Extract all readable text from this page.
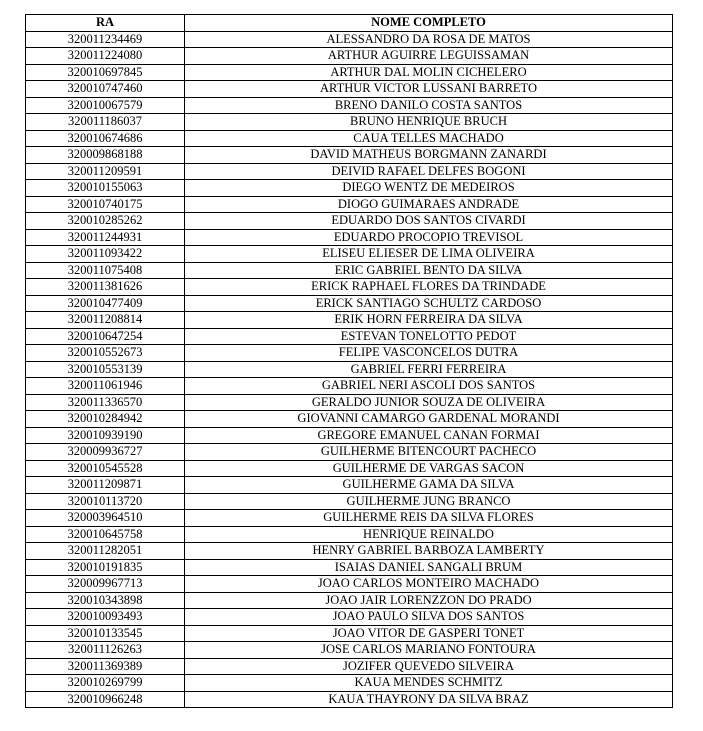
RA	NOME COMPLETO
320011234469	ALESSANDRO DA ROSA DE MATOS
320011224080	ARTHUR AGUIRRE LEGUISSAMAN
320010697845	ARTHUR DAL MOLIN CICHELERO
320010747460	ARTHUR VICTOR LUSSANI BARRETO
320010067579	BRENO DANILO COSTA SANTOS
320011186037	BRUNO HENRIQUE BRUCH
320010674686	CAUA TELLES MACHADO
320009868188	DAVID MATHEUS BORGMANN ZANARDI
320011209591	DEIVID RAFAEL DELFES BOGONI
320010155063	DIEGO WENTZ DE MEDEIROS
320010740175	DIOGO GUIMARAES ANDRADE
320010285262	EDUARDO DOS SANTOS CIVARDI
320011244931	EDUARDO PROCOPIO TREVISOL
320011093422	ELISEU ELIESER DE LIMA OLIVEIRA
320011075408	ERIC GABRIEL BENTO DA SILVA
320011381626	ERICK RAPHAEL FLORES DA TRINDADE
320010477409	ERICK SANTIAGO SCHULTZ CARDOSO
320011208814	ERIK HORN FERREIRA DA SILVA
320010647254	ESTEVAN TONELOTTO PEDOT
320010552673	FELIPE VASCONCELOS DUTRA
320010553139	GABRIEL FERRI FERREIRA
320011061946	GABRIEL NERI ASCOLI DOS SANTOS
320011336570	GERALDO JUNIOR SOUZA DE OLIVEIRA
320010284942	GIOVANNI CAMARGO GARDENAL MORANDI
320010939190	GREGORE EMANUEL CANAN FORMAI
320009936727	GUILHERME BITENCOURT PACHECO
320010545528	GUILHERME DE VARGAS SACON
320011209871	GUILHERME GAMA DA SILVA
320010113720	GUILHERME JUNG BRANCO
320003964510	GUILHERME REIS DA SILVA FLORES
320010645758	HENRIQUE REINALDO
320011282051	HENRY GABRIEL BARBOZA LAMBERTY
320010191835	ISAIAS DANIEL SANGALI BRUM
320009967713	JOAO CARLOS MONTEIRO MACHADO
320010343898	JOAO JAIR LORENZZON DO PRADO
320010093493	JOAO PAULO SILVA DOS SANTOS
320010133545	JOAO VITOR DE GASPERI TONET
320011126263	JOSE CARLOS MARIANO FONTOURA
320011369389	JOZIFER QUEVEDO SILVEIRA
320010269799	KAUA MENDES SCHMITZ
320010966248	KAUA THAYRONY DA SILVA BRAZ
